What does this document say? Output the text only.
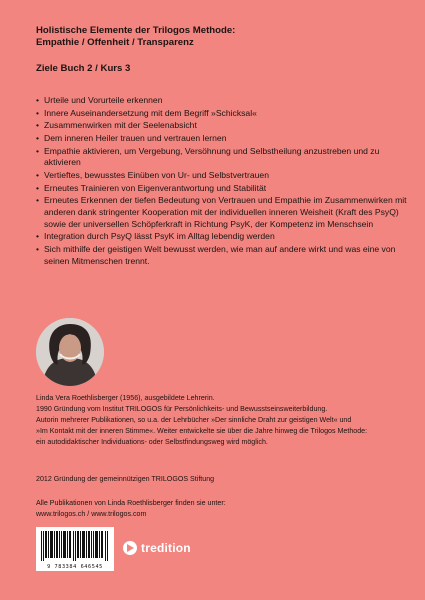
Holistische Elemente der Trilogos Methode:
Empathie / Offenheit / Transparenz
Ziele Buch 2 / Kurs 3
• Urteile und Vorurteile erkennen
• Innere Auseinandersetzung mit dem Begriff »Schicksal«
• Zusammenwirken mit der Seelenabsicht
• Dem inneren Heiler trauen und vertrauen lernen
• Empathie aktivieren, um Vergebung, Versöhnung und Selbstheilung anzustreben und zu aktivieren
• Vertieftes, bewusstes Einüben von Ur- und Selbstvertrauen
• Erneutes Trainieren von Eigenverantwortung und Stabilität
• Erneutes Erkennen der tiefen Bedeutung von Vertrauen und Empathie im Zusammenwirken mit anderen dank stringenter Kooperation mit der individuellen inneren Weisheit (Kraft des PsyQ) sowie der universellen Schöpferkraft in Richtung PsyK, der Kompetenz im Menschsein
• Integration durch PsyQ lässt PsyK im Alltag lebendig werden
• Sich mithilfe der geistigen Welt bewusst werden, wie man auf andere wirkt und was eine von seinen Mitmenschen trennt.

Linda Vera Roethlisberger (1956), ausgebildete Lehrerin.

1990 Gründung vom Institut TRILOGOS für Persönlichkeits- und Bewusstseinsweiterbildung.

Autorin mehrerer Publikationen, so u.a. der Lehrbücher »Der sinnliche Draht zur geistigen Welt« und

»Im Kontakt mit der inneren Stimme«. Weiter entwickelte sie über die Jahre hinweg die Trilogos Methode:

ein autodidaktischer Individuations- oder Selbstfindungsweg wird möglich.

2012 Gründung der gemeinnützigen TRILOGOS Stiftung

Alle Publikationen von Linda Roethlisberger finden sie unter:

www.trilogos.ch / www.trilogos.com

9 783384 646545
tredition
